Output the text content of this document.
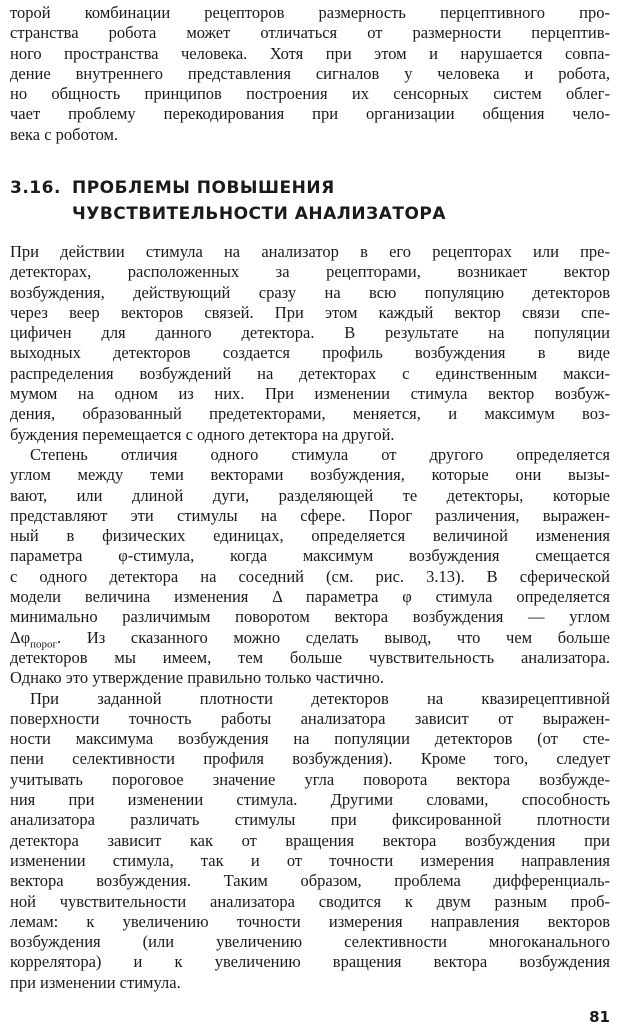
торой комбинации рецепторов размерность перцептивного про-
странства робота может отличаться от размерности перцептив-
ного пространства человека. Хотя при этом и нарушается совпа-
дение внутреннего представления сигналов у человека и робота,
но общность принципов построения их сенсорных систем облег-
чает проблему перекодирования при организации общения чело-
века с роботом.
3.16. ПРОБЛЕМЫ ПОВЫШЕНИЯ
ЧУВСТВИТЕЛЬНОСТИ АНАЛИЗАТОРА
При действии стимула на анализатор в его рецепторах или пре-
детекторах, расположенных за рецепторами, возникает вектор
возбуждения, действующий сразу на всю популяцию детекторов
через веер векторов связей. При этом каждый вектор связи спе-
цифичен для данного детектора. В результате на популяции
выходных детекторов создается профиль возбуждения в виде
распределения возбуждений на детекторах с единственным макси-
мумом на одном из них. При изменении стимула вектор возбуж-
дения, образованный предетекторами, меняется, и максимум воз-
буждения перемещается с одного детектора на другой.
Степень отличия одного стимула от другого определяется
углом между теми векторами возбуждения, которые они вызы-
вают, или длиной дуги, разделяющей те детекторы, которые
представляют эти стимулы на сфере. Порог различения, выражен-
ный в физических единицах, определяется величиной изменения
параметра φ-стимула, когда максимум возбуждения смещается
с одного детектора на соседний (см. рис. 3.13). В сферической
модели величина изменения Δ параметра φ стимула определяется
минимально различимым поворотом вектора возбуждения — углом
$\Delta\varphi_{порог}$. Из сказанного можно сделать вывод, что чем больше
детекторов мы имеем, тем больше чувствительность анализатора.
Однако это утверждение правильно только частично.
При заданной плотности детекторов на квазирецептивной
поверхности точность работы анализатора зависит от выражен-
ности максимума возбуждения на популяции детекторов (от сте-
пени селективности профиля возбуждения). Кроме того, следует
учитывать пороговое значение угла поворота вектора возбужде-
ния при изменении стимула. Другими словами, способность
анализатора различать стимулы при фиксированной плотности
детектора зависит как от вращения вектора возбуждения при
изменении стимула, так и от точности измерения направления
вектора возбуждения. Таким образом, проблема дифференциаль-
ной чувствительности анализатора сводится к двум разным проб-
лемам: к увеличению точности измерения направления векторов
возбуждения (или увеличению селективности многоканального
коррелятора) и к увеличению вращения вектора возбуждения
при изменении стимула.
81
